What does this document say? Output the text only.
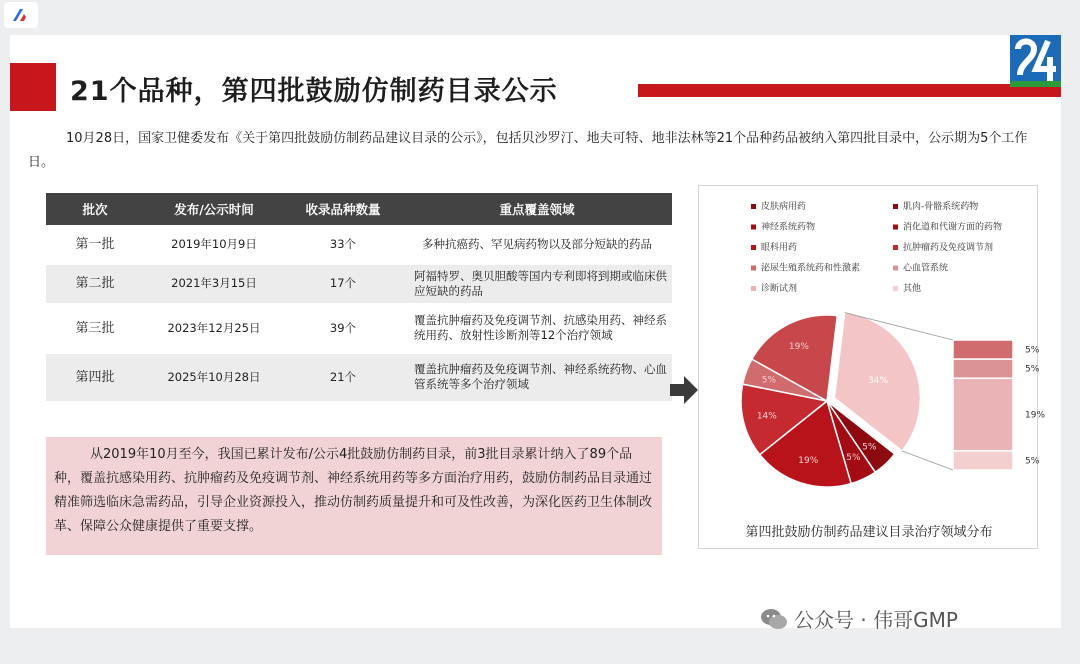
21个品种，第四批鼓励仿制药目录公示
10月28日，国家卫健委发布《关于第四批鼓励仿制药品建议目录的公示》，包括贝沙罗汀、地夫可特、地非法林等21个品种药品被纳入第四批目录中，公示期为5个工作日。
批次	发布/公示时间	收录品种数量	重点覆盖领域
第一批	2019年10月9日	33个	多种抗癌药、罕见病药物以及部分短缺的药品
第二批	2021年3月15日	17个	阿福特罗、奥贝胆酸等国内专利即将到期或临床供应短缺的药品
第三批	2023年12月25日	39个	覆盖抗肿瘤药及免疫调节剂、抗感染用药、神经系统用药、放射性诊断剂等12个治疗领域
第四批	2025年10月28日	21个	覆盖抗肿瘤药及免疫调节剂、神经系统药物、心血管系统等多个治疗领域
从2019年10月至今，我国已累计发布/公示4批鼓励仿制药目录，前3批目录累计纳入了89个品种，覆盖抗感染用药、抗肿瘤药及免疫调节剂、神经系统用药等多方面治疗用药，鼓励仿制药品目录通过精准筛选临床急需药品，引导企业资源投入，推动仿制药质量提升和可及性改善，为深化医药卫生体制改革、保障公众健康提供了重要支撑。
皮肤病用药	肌肉-骨骼系统药物
神经系统药物	消化道和代谢方面的药物
眼科用药	抗肿瘤药及免疫调节剂
泌尿生殖系统药和性激素	心血管系统
诊断试剂	其他
34%
5%
5%
19%
14%
5%
19%	5%
5%
19%
5%
第四批鼓励仿制药品建议目录治疗领域分布
公众号 · 伟哥GMP
